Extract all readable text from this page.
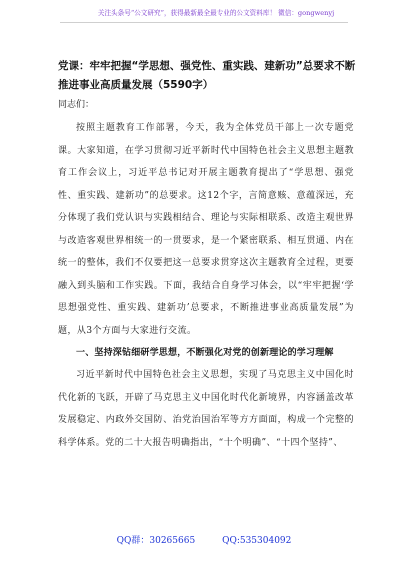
关注头条号“公文研究”，获得最新最全最专业的公文资料库！ 微信：gongwenyj
党课：牢牢把握“学思想、强党性、重实践、建新功”总要求不断推进事业高质量发展（5590字）
同志们：

按照主题教育工作部署，今天，我为全体党员干部上一次专题党课。大家知道，在学习贯彻习近平新时代中国特色社会主义思想主题教育工作会议上，习近平总书记对开展主题教育提出了“学思想、强党性、重实践、建新功”的总要求。这12个字，言简意赅、意蕴深远，充分体现了我们党认识与实践相结合、理论与实际相联系、改造主观世界与改造客观世界相统一的一贯要求，是一个紧密联系、相互贯通、内在统一的整体，我们不仅要把这一总要求贯穿这次主题教育全过程，更要融入到头脑和工作实践。下面，我结合自身学习体会，以“牢牢把握‘学思想强党性、重实践、建新功’总要求，不断推进事业高质量发展”为题，从3个方面与大家进行交流。

一、坚持深钻细研学思想，不断强化对党的创新理论的学习理解

习近平新时代中国特色社会主义思想，实现了马克思主义中国化时代化新的飞跃，开辟了马克思主义中国化时代化新境界，内容涵盖改革发展稳定、内政外交国防、治党治国治军等方方面面，构成一个完整的科学体系。党的二十大报告明确指出，“十个明确”、“十四个坚持”、

QQ群：30265665	QQ:535304092
